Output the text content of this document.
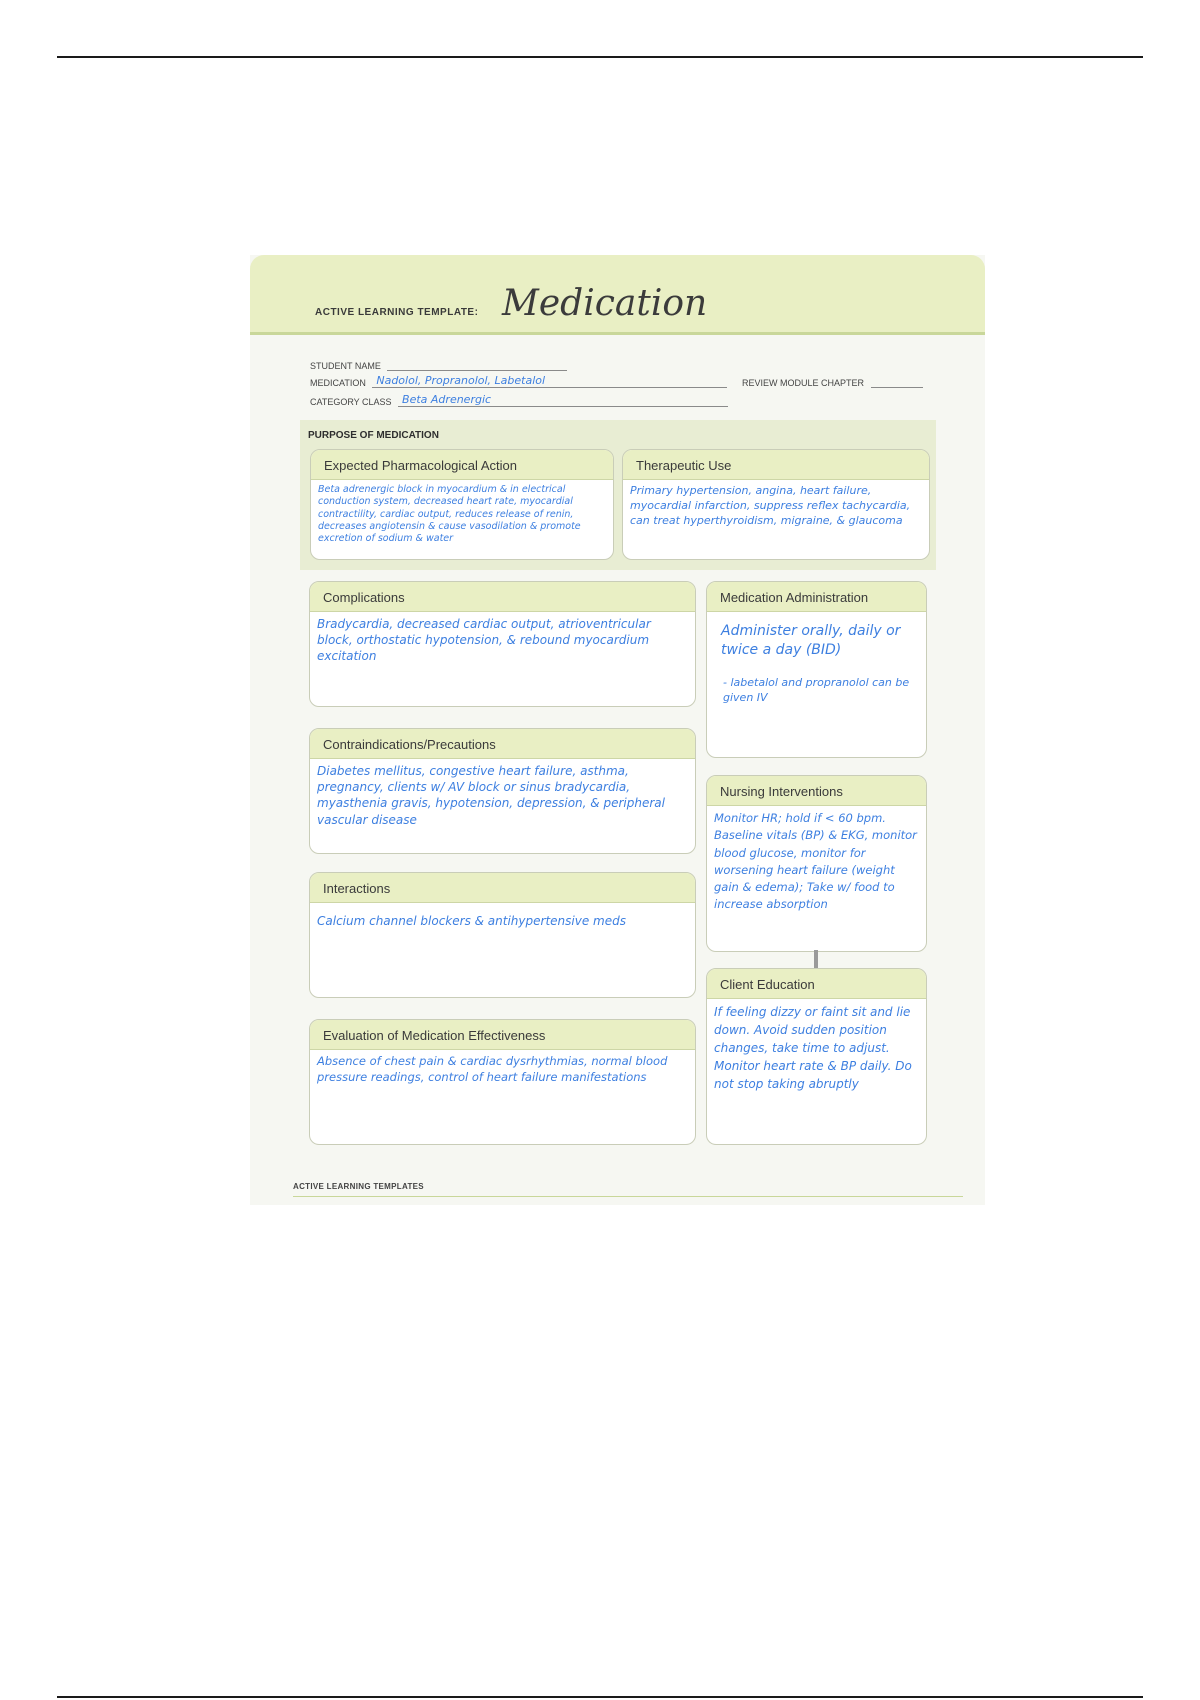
ACTIVE LEARNING TEMPLATE: Medication
STUDENT NAME
MEDICATION Nadolol, Propranolol, Labetalol	REVIEW MODULE CHAPTER
CATEGORY CLASS Beta Adrenergic
PURPOSE OF MEDICATION
Expected Pharmacological Action
Beta adrenergic block in myocardium & in electrical conduction system, decreased heart rate, myocardial contractility, cardiac output, reduces release of renin, decreases angiotensin & cause vasodilation & promote excretion of sodium & water
Therapeutic Use
Primary hypertension, angina, heart failure, myocardial infarction, suppress reflex tachycardia, can treat hyperthyroidism, migraine, & glaucoma
Complications
Bradycardia, decreased cardiac output, atrioventricular block, orthostatic hypotension, & rebound myocardium excitation
Contraindications/Precautions
Diabetes mellitus, congestive heart failure, asthma, pregnancy, clients w/ AV block or sinus bradycardia, myasthenia gravis, hypotension, depression, & peripheral vascular disease
Interactions
Calcium channel blockers & antihypertensive meds
Evaluation of Medication Effectiveness
Absence of chest pain & cardiac dysrhythmias, normal blood pressure readings, control of heart failure manifestations
Medication Administration
Administer orally, daily or twice a day (BID)
- labetalol and propranolol can be given IV
Nursing Interventions
Monitor HR; hold if < 60 bpm. Baseline vitals (BP) & EKG, monitor blood glucose, monitor for worsening heart failure (weight gain & edema); Take w/ food to increase absorption
Client Education
If feeling dizzy or faint sit and lie down. Avoid sudden position changes, take time to adjust. Monitor heart rate & BP daily. Do not stop taking abruptly
ACTIVE LEARNING TEMPLATES
